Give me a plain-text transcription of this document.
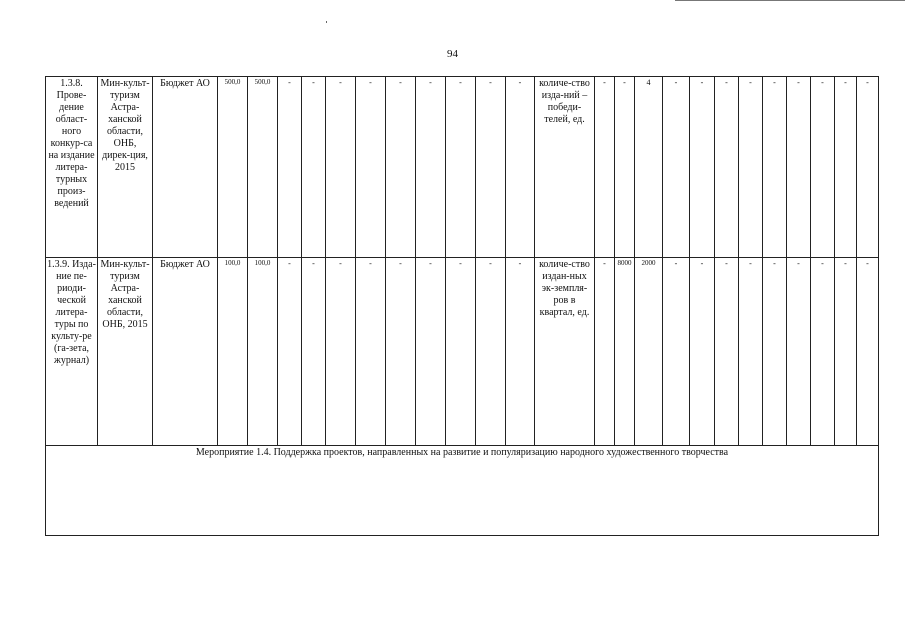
94
1.3.8. Прове-дение област-ного конкур-са на издание литера-турных произ-ведений	Мин-культ-туризм Астра-ханской области, ОНБ, дирек-ция, 2015	Бюджет АО	500,0	500,0	-	-	-	-	-	-	-	-	-	количе-ство изда-ний – победи-телей, ед.	-	-	4	-	-	-	-	-	-	-	-	-
1.3.9. Изда-ние пе-риоди-ческой литера-туры по культу-ре (га-зета, журнал)	Мин-культ-туризм Астра-ханской области, ОНБ, 2015	Бюджет АО	100,0	100,0	-	-	-	-	-	-	-	-	-	количе-ство издан-ных эк-земпля-ров в квартал, ед.	-	8000	2000	-	-	-	-	-	-	-	-	-
Мероприятие 1.4. Поддержка проектов, направленных на развитие и популяризацию народного художественного творчества																										
